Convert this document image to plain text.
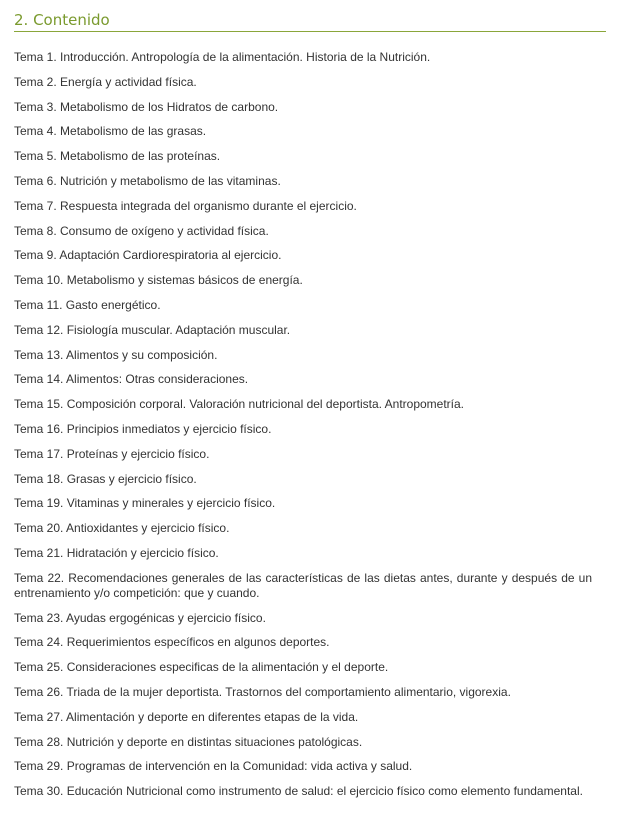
2. Contenido
Tema 1. Introducción. Antropología de la alimentación. Historia de la Nutrición.
Tema 2. Energía y actividad física.
Tema 3. Metabolismo de los Hidratos de carbono.
Tema 4. Metabolismo de las grasas.
Tema 5. Metabolismo de las proteínas.
Tema 6. Nutrición y metabolismo de las vitaminas.
Tema 7. Respuesta integrada del organismo durante el ejercicio.
Tema 8. Consumo de oxígeno y actividad física.
Tema 9. Adaptación Cardiorespiratoria al ejercicio.
Tema 10. Metabolismo y sistemas básicos de energía.
Tema 11. Gasto energético.
Tema 12. Fisiología muscular. Adaptación muscular.
Tema 13. Alimentos y su composición.
Tema 14. Alimentos: Otras consideraciones.
Tema 15. Composición corporal. Valoración nutricional del deportista. Antropometría.
Tema 16. Principios inmediatos y ejercicio físico.
Tema 17. Proteínas y ejercicio físico.
Tema 18. Grasas y ejercicio físico.
Tema 19. Vitaminas y minerales y ejercicio físico.
Tema 20. Antioxidantes y ejercicio físico.
Tema 21. Hidratación y ejercicio físico.
Tema 22. Recomendaciones generales de las características de las dietas antes, durante y después de un entrenamiento y/o competición: que y cuando.
Tema 23. Ayudas ergogénicas y ejercicio físico.
Tema 24. Requerimientos específicos en algunos deportes.
Tema 25. Consideraciones especificas de la alimentación y el deporte.
Tema 26. Triada de la mujer deportista. Trastornos del comportamiento alimentario, vigorexia.
Tema 27. Alimentación y deporte en diferentes etapas de la vida.
Tema 28. Nutrición y deporte en distintas situaciones patológicas.
Tema 29. Programas de intervención en la Comunidad: vida activa y salud.
Tema 30. Educación Nutricional como instrumento de salud: el ejercicio físico como elemento fundamental.
